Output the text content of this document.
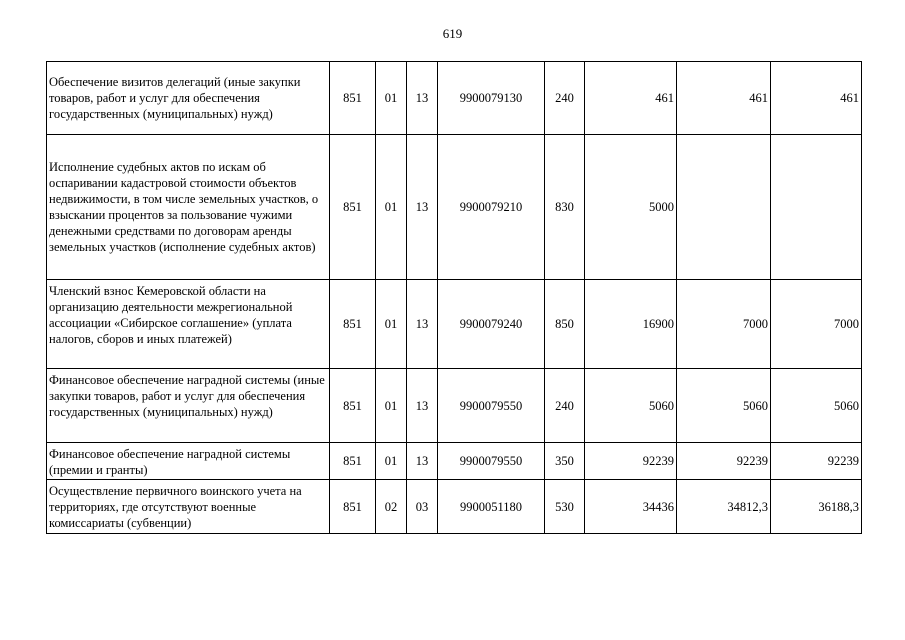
619
Обеспечение визитов делегаций (иные закупки товаров, работ и услуг для обеспечения государственных (муниципальных) нужд)	851	01	13	9900079130	240	461	461	461
Исполнение судебных актов по искам об оспаривании кадастровой стоимости объектов недвижимости, в том числе земельных участков, о взыскании процентов за пользование чужими денежными средствами по договорам аренды земельных участков (исполнение судебных актов)	851	01	13	9900079210	830	5000		
Членский взнос Кемеровской области на организацию деятельности межрегиональной ассоциации «Сибирское соглашение» (уплата налогов, сборов и иных платежей)	851	01	13	9900079240	850	16900	7000	7000
Финансовое обеспечение наградной системы (иные закупки товаров, работ и услуг для обеспечения государственных (муниципальных) нужд)	851	01	13	9900079550	240	5060	5060	5060
Финансовое обеспечение наградной системы (премии и гранты)	851	01	13	9900079550	350	92239	92239	92239
Осуществление первичного воинского учета на территориях, где отсутствуют военные комиссариаты (субвенции)	851	02	03	9900051180	530	34436	34812,3	36188,3
